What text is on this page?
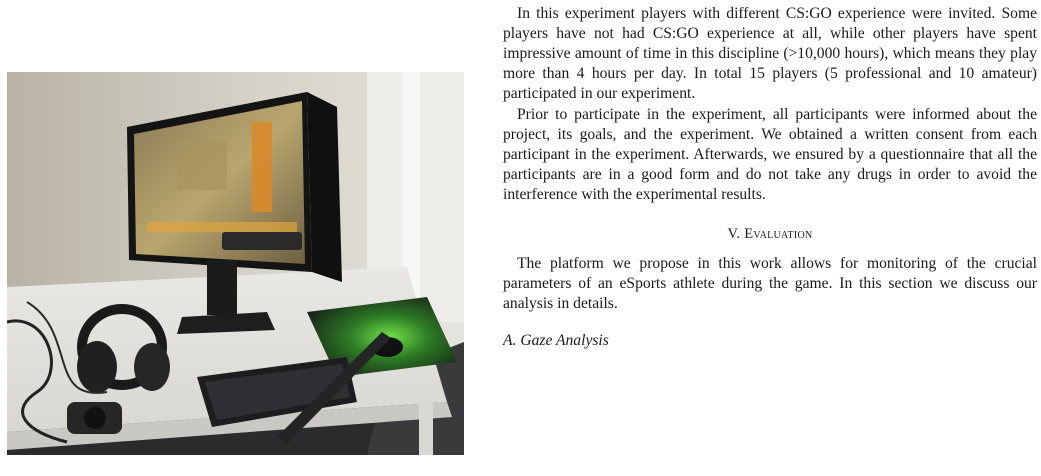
In this experiment players with different CS:GO experience were invited. Some players have not had CS:GO experience at all, while other players have spent impressive amount of time in this discipline (>10,000 hours), which means they play more than 4 hours per day. In total 15 players (5 professional and 10 amateur) participated in our experiment.

Prior to participate in the experiment, all participants were informed about the project, its goals, and the experiment. We obtained a written consent from each participant in the experiment. Afterwards, we ensured by a questionnaire that all the participants are in a good form and do not take any drugs in order to avoid the interference with the experimental results.

V. Evaluation

The platform we propose in this work allows for monitoring of the crucial parameters of an eSports athlete during the game. In this section we discuss our analysis in details.

A. Gaze Analysis
